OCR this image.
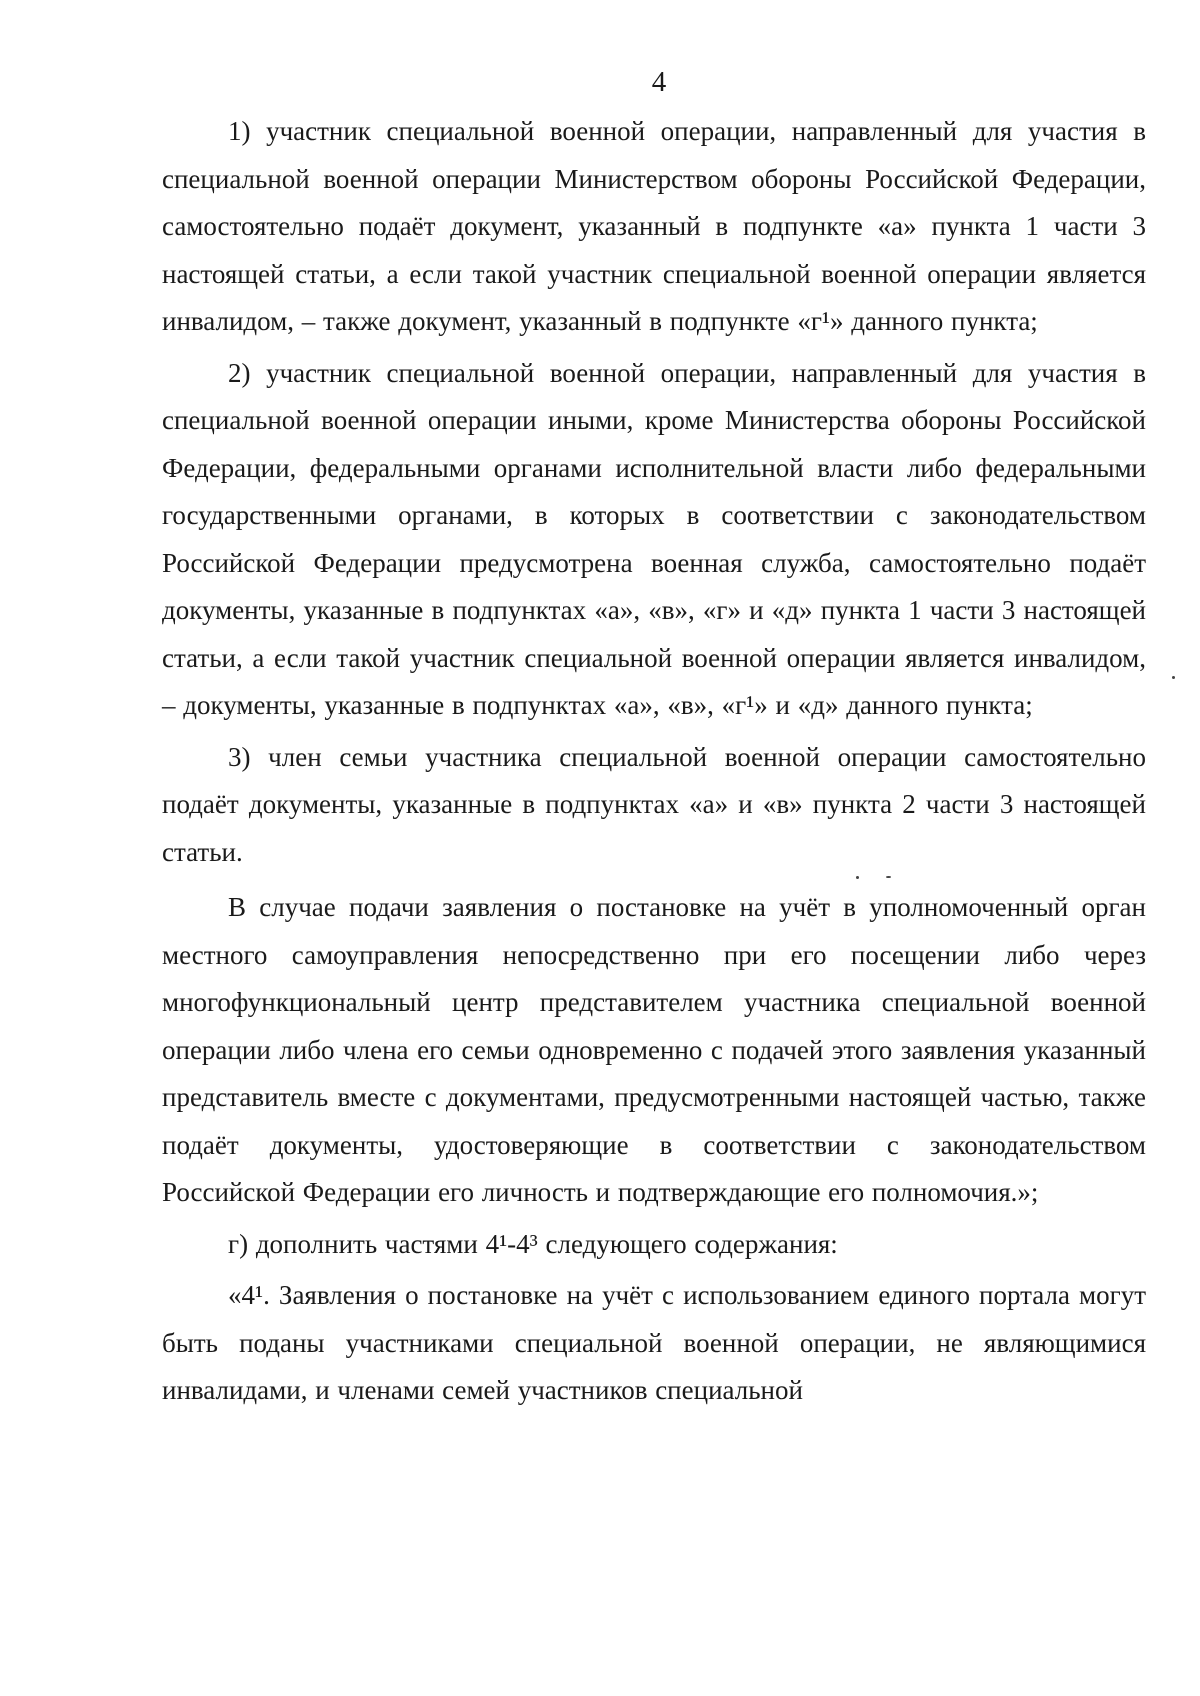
4

1) участник специальной военной операции, направленный для участия в специальной военной операции Министерством обороны Российской Федерации, самостоятельно подаёт документ, указанный в подпункте «а» пункта 1 части 3 настоящей статьи, а если такой участник специальной военной операции является инвалидом, – также документ, указанный в подпункте «г¹» данного пункта;

2) участник специальной военной операции, направленный для участия в специальной военной операции иными, кроме Министерства обороны Российской Федерации, федеральными органами исполнительной власти либо федеральными государственными органами, в которых в соответствии с законодательством Российской Федерации предусмотрена военная служба, самостоятельно подаёт документы, указанные в подпунктах «а», «в», «г» и «д» пункта 1 части 3 настоящей статьи, а если такой участник специальной военной операции является инвалидом, – документы, указанные в подпунктах «а», «в», «г¹» и «д» данного пункта;

3) член семьи участника специальной военной операции самостоятельно подаёт документы, указанные в подпунктах «а» и «в» пункта 2 части 3 настоящей статьи.

В случае подачи заявления о постановке на учёт в уполномоченный орган местного самоуправления непосредственно при его посещении либо через многофункциональный центр представителем участника специальной военной операции либо члена его семьи одновременно с подачей этого заявления указанный представитель вместе с документами, предусмотренными настоящей частью, также подаёт документы, удостоверяющие в соответствии с законодательством Российской Федерации его личность и подтверждающие его полномочия.»;

г) дополнить частями 4¹-4³ следующего содержания:

«4¹. Заявления о постановке на учёт с использованием единого портала могут быть поданы участниками специальной военной операции, не являющимися инвалидами, и членами семей участников специальной
